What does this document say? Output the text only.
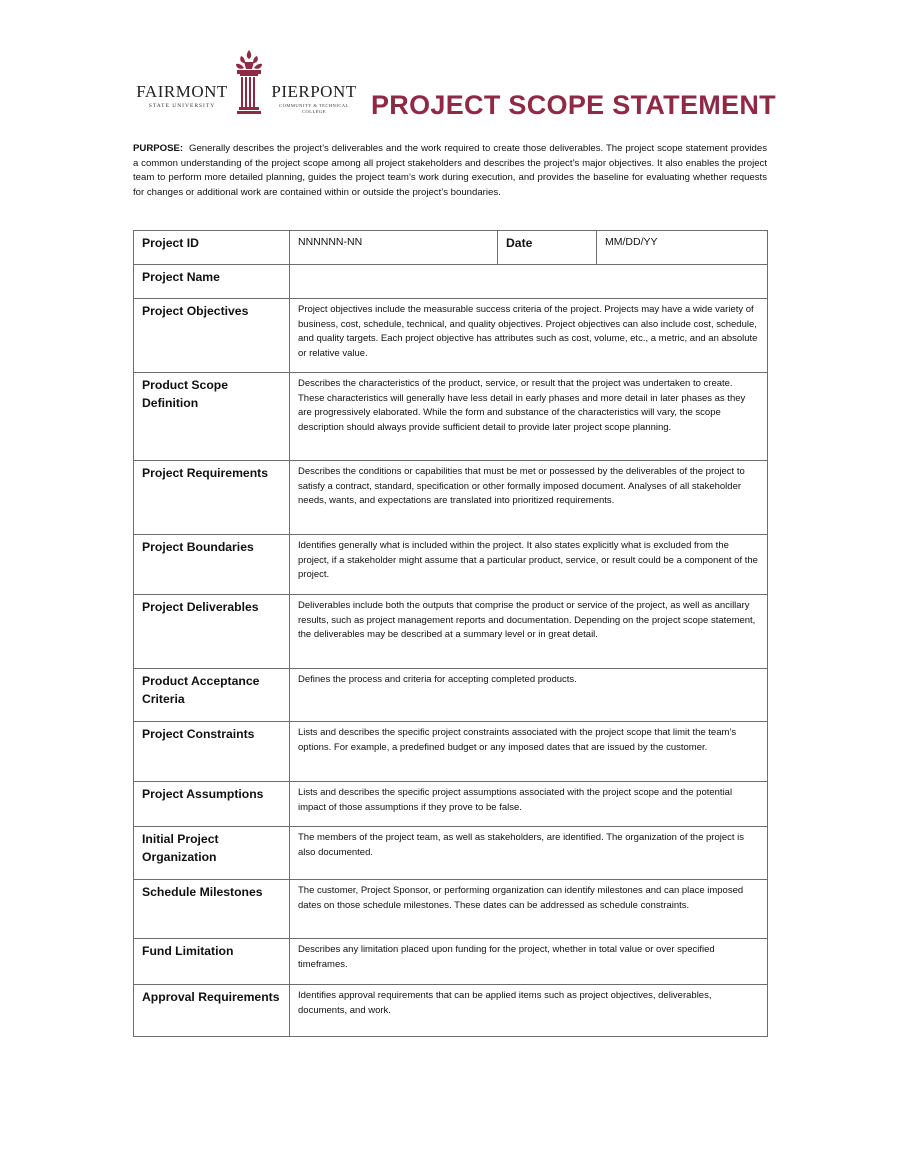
FAIRMONT
STATE UNIVERSITY
PIERPONT
COMMUNITY & TECHNICAL COLLEGE	PROJECT SCOPE STATEMENT
PURPOSE: Generally describes the project’s deliverables and the work required to create those deliverables. The project scope statement provides a common understanding of the project scope among all project stakeholders and describes the project’s major objectives. It also enables the project team to perform more detailed planning, guides the project team’s work during execution, and provides the baseline for evaluating whether requests for changes or additional work are contained within or outside the project’s boundaries.
Project ID	NNNNNN-NN	Date	MM/DD/YY
Project Name			
Project Objectives	Project objectives include the measurable success criteria of the project. Projects may have a wide variety of business, cost, schedule, technical, and quality objectives. Project objectives can also include cost, schedule, and quality targets. Each project objective has attributes such as cost, volume, etc., a metric, and an absolute or relative value.		
Product Scope Definition	Describes the characteristics of the product, service, or result that the project was undertaken to create. These characteristics will generally have less detail in early phases and more detail in later phases as they are progressively elaborated. While the form and substance of the characteristics will vary, the scope description should always provide sufficient detail to provide later project scope planning.		
Project Requirements	Describes the conditions or capabilities that must be met or possessed by the deliverables of the project to satisfy a contract, standard, specification or other formally imposed document. Analyses of all stakeholder needs, wants, and expectations are translated into prioritized requirements.		
Project Boundaries	Identifies generally what is included within the project. It also states explicitly what is excluded from the project, if a stakeholder might assume that a particular product, service, or result could be a component of the project.		
Project Deliverables	Deliverables include both the outputs that comprise the product or service of the project, as well as ancillary results, such as project management reports and documentation. Depending on the project scope statement, the deliverables may be described at a summary level or in great detail.		
Product Acceptance Criteria	Defines the process and criteria for accepting completed products.		
Project Constraints	Lists and describes the specific project constraints associated with the project scope that limit the team’s options. For example, a predefined budget or any imposed dates that are issued by the customer.		
Project Assumptions	Lists and describes the specific project assumptions associated with the project scope and the potential impact of those assumptions if they prove to be false.		
Initial Project Organization	The members of the project team, as well as stakeholders, are identified. The organization of the project is also documented.		
Schedule Milestones	The customer, Project Sponsor, or performing organization can identify milestones and can place imposed dates on those schedule milestones. These dates can be addressed as schedule constraints.		
Fund Limitation	Describes any limitation placed upon funding for the project, whether in total value or over specified timeframes.		
Approval Requirements	Identifies approval requirements that can be applied items such as project objectives, deliverables, documents, and work.		
